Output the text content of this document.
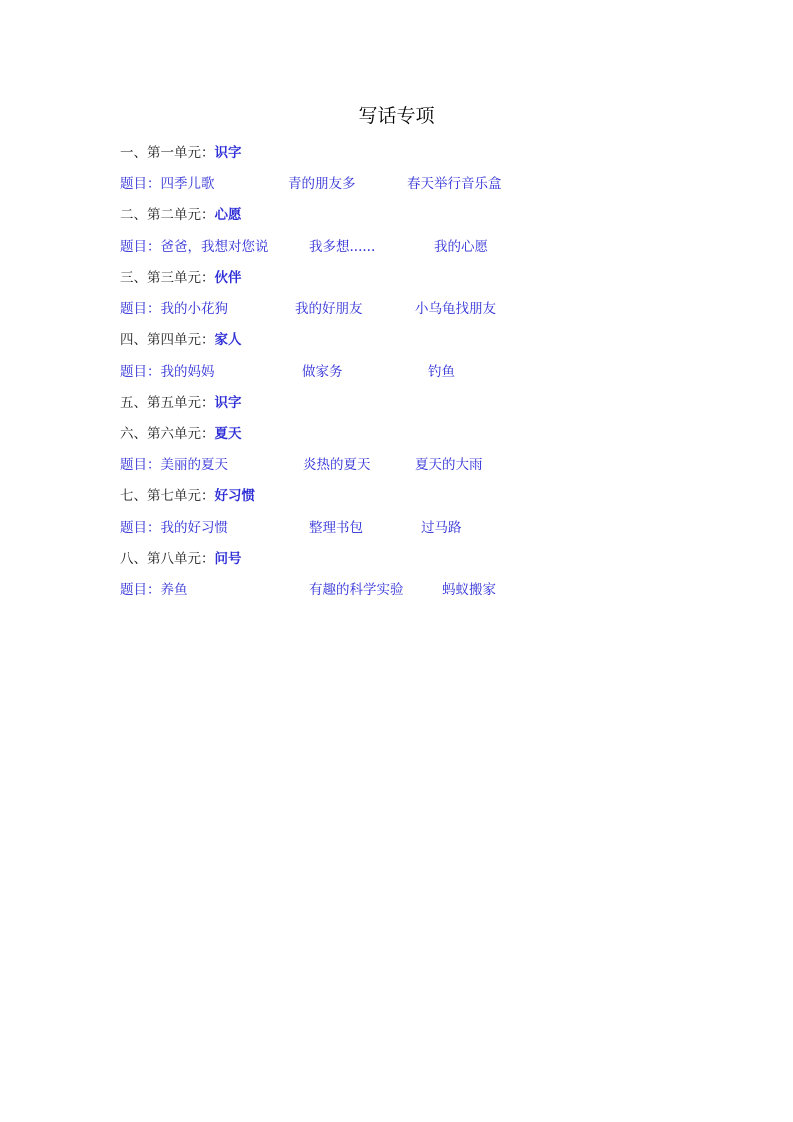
写话专项
一、第一单元：识字
题目：四季儿歌	青的朋友多	春天举行音乐盒
二、第二单元：心愿
题目：爸爸，我想对您说	我多想......	我的心愿
三、第三单元：伙伴
题目：我的小花狗	我的好朋友	小乌龟找朋友
四、第四单元：家人
题目：我的妈妈	做家务	钓鱼
五、第五单元：识字
六、第六单元：夏天
题目：美丽的夏天	炎热的夏天	夏天的大雨
七、第七单元：好习惯
题目：我的好习惯	整理书包	过马路
八、第八单元：问号
题目：养鱼	有趣的科学实验	蚂蚁搬家
